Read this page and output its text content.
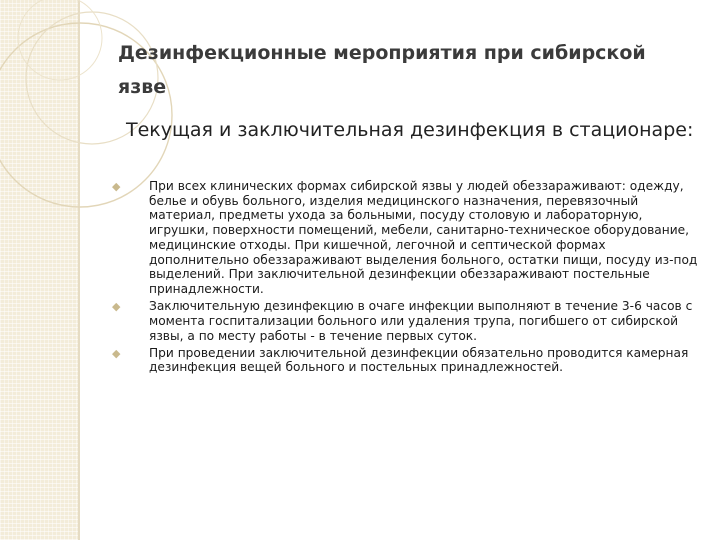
Дезинфекционные мероприятия при сибирской язве

Текущая и заключительная дезинфекция в стационаре:

◆ При всех клинических формах сибирской язвы у людей обеззараживают: одежду, белье и обувь больного, изделия медицинского назначения, перевязочный материал, предметы ухода за больными, посуду столовую и лабораторную, игрушки, поверхности помещений, мебели, санитарно-техническое оборудование, медицинские отходы. При кишечной, легочной и септической формах дополнительно обеззараживают выделения больного, остатки пищи, посуду из-под выделений. При заключительной дезинфекции обеззараживают постельные принадлежности.
◆ Заключительную дезинфекцию в очаге инфекции выполняют в течение 3-6 часов с момента госпитализации больного или удаления трупа, погибшего от сибирской язвы, а по месту работы - в течение первых суток.
◆ При проведении заключительной дезинфекции обязательно проводится камерная дезинфекция вещей больного и постельных принадлежностей.
